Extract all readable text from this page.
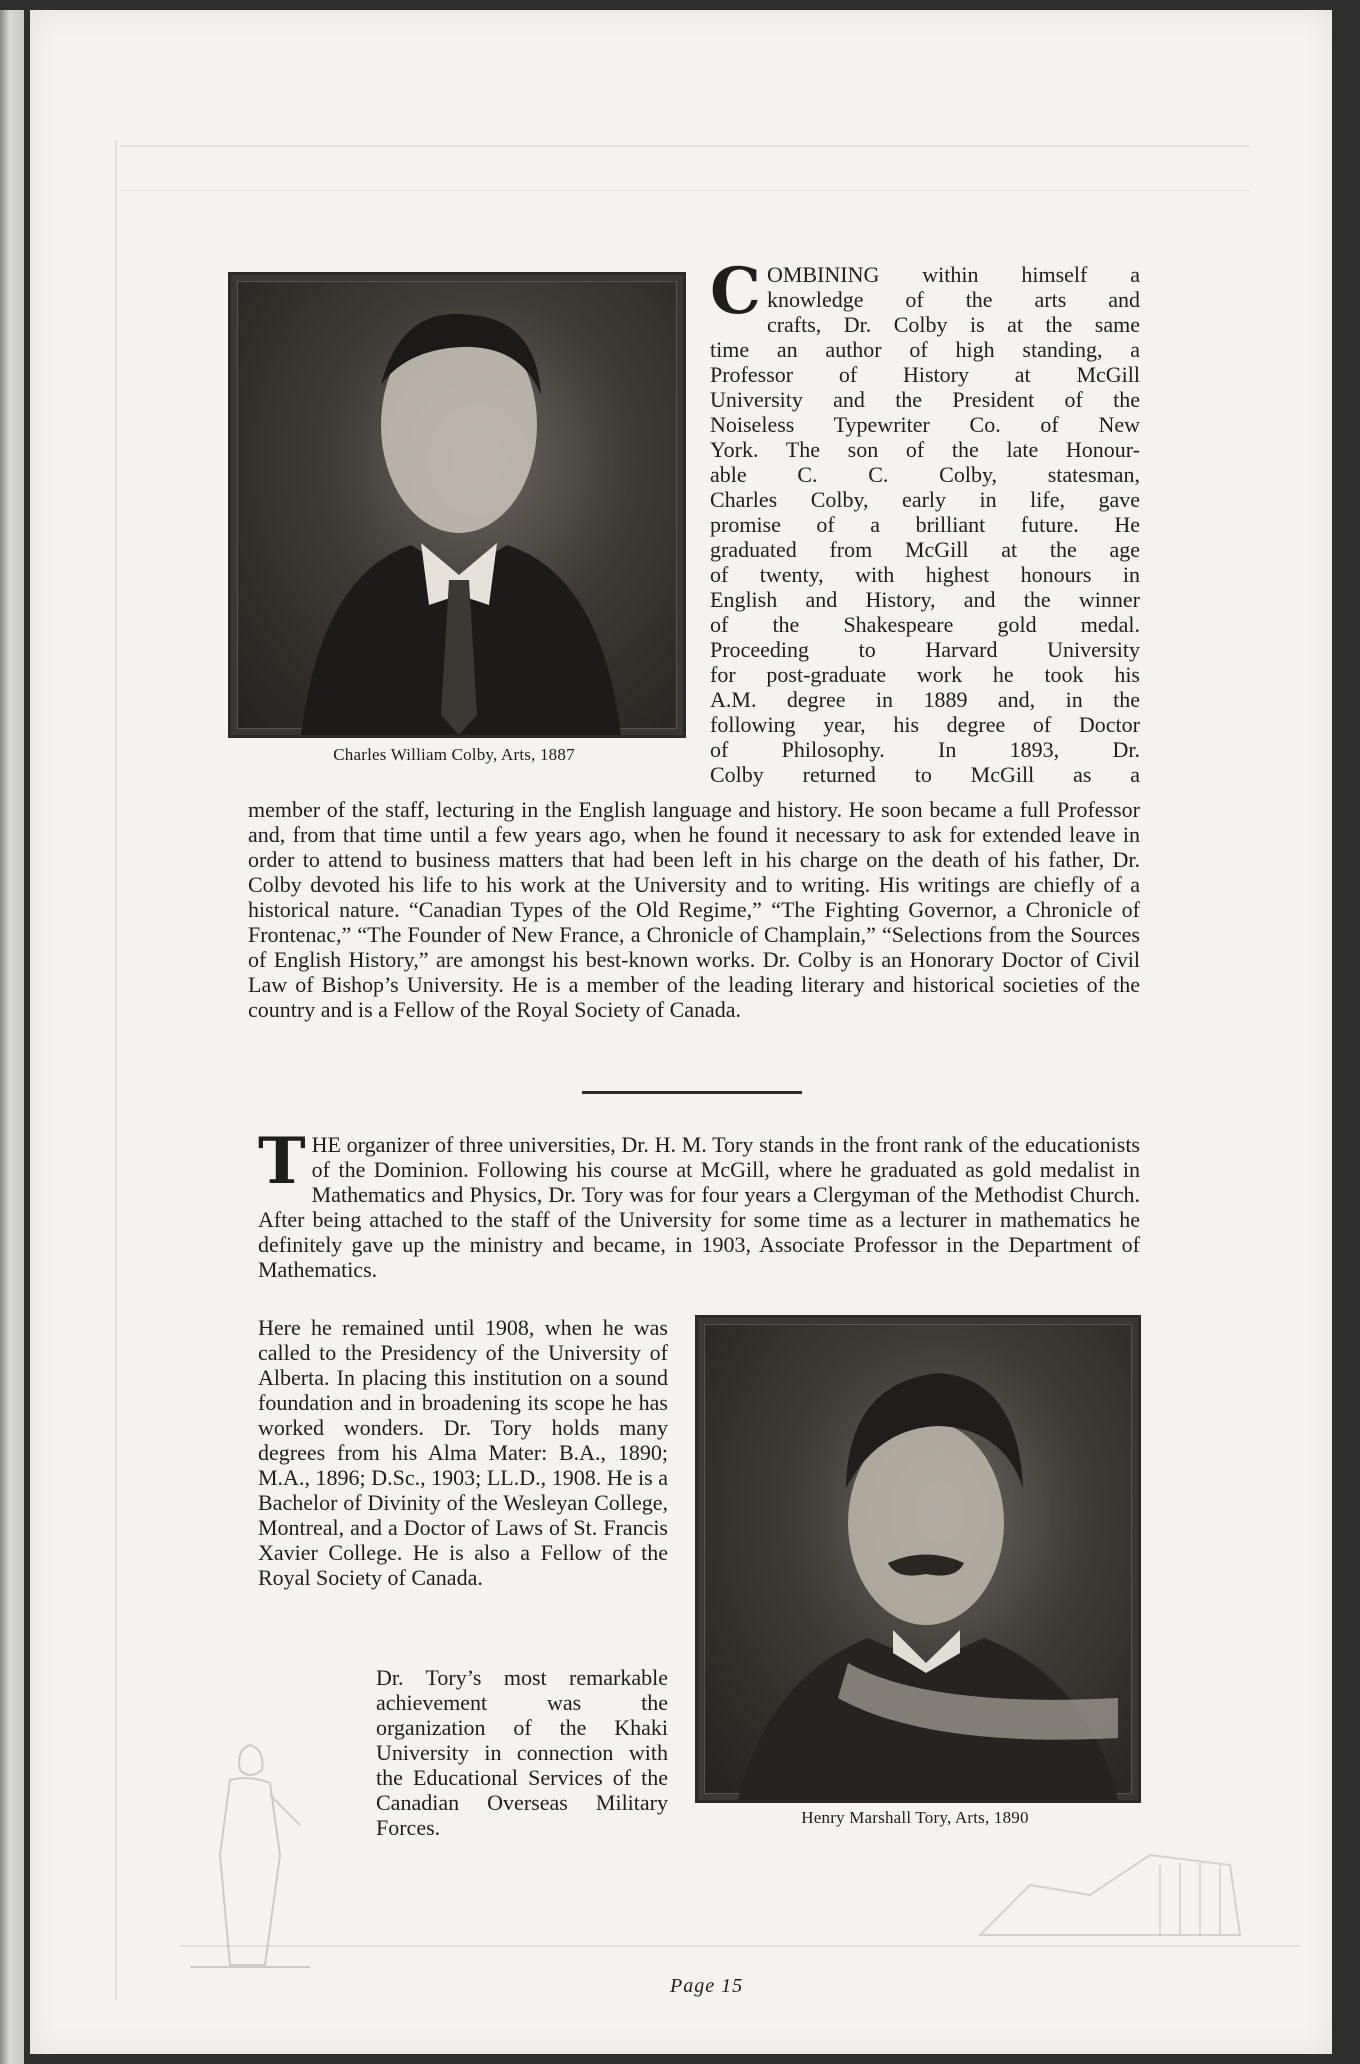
Charles William Colby, Arts, 1887
C OMBINING within himself a
knowledge of the arts and
crafts, Dr. Colby is at the same
time an author of high standing, a
Professor of History at McGill
University and the President of the
Noiseless Typewriter Co. of New
York. The son of the late Honour-
able C. C. Colby, statesman,
Charles Colby, early in life, gave
promise of a brilliant future. He
graduated from McGill at the age
of twenty, with highest honours in
English and History, and the winner
of the Shakespeare gold medal.
Proceeding to Harvard University
for post-graduate work he took his
A.M. degree in 1889 and, in the
following year, his degree of Doctor
of Philosophy. In 1893, Dr.
Colby returned to McGill as a
member of the staff, lecturing in the English language and history. He soon became a full Professor and, from that time until a few years ago, when he found it necessary to ask for extended leave in order to attend to business matters that had been left in his charge on the death of his father, Dr. Colby devoted his life to his work at the University and to writing. His writings are chiefly of a historical nature. “Canadian Types of the Old Regime,” “The Fighting Governor, a Chronicle of Frontenac,” “The Founder of New France, a Chronicle of Champlain,” “Selections from the Sources of English History,” are amongst his best-known works. Dr. Colby is an Honorary Doctor of Civil Law of Bishop’s University. He is a member of the leading literary and historical societies of the country and is a Fellow of the Royal Society of Canada.
T HE organizer of three universities, Dr. H. M. Tory stands in the front rank of the educationists of the Dominion. Following his course at McGill, where he graduated as gold medalist in Mathematics and Physics, Dr. Tory was for four years a Clergyman of the Methodist Church. After being attached to the staff of the University for some time as a lecturer in mathematics he definitely gave up the ministry and became, in 1903, Associate Professor in the Department of Mathematics.
Here he remained until 1908, when he was called to the Presidency of the University of Alberta. In placing this institution on a sound foundation and in broadening its scope he has worked wonders. Dr. Tory holds many degrees from his Alma Mater: B.A., 1890; M.A., 1896; D.Sc., 1903; LL.D., 1908. He is a Bachelor of Divinity of the Wesleyan College, Montreal, and a Doctor of Laws of St. Francis Xavier College. He is also a Fellow of the Royal Society of Canada.
Dr. Tory’s most remarkable achievement was the organization of the Khaki University in connection with the Educational Services of the Canadian Overseas Military Forces.	Henry Marshall Tory, Arts, 1890
Page 15
